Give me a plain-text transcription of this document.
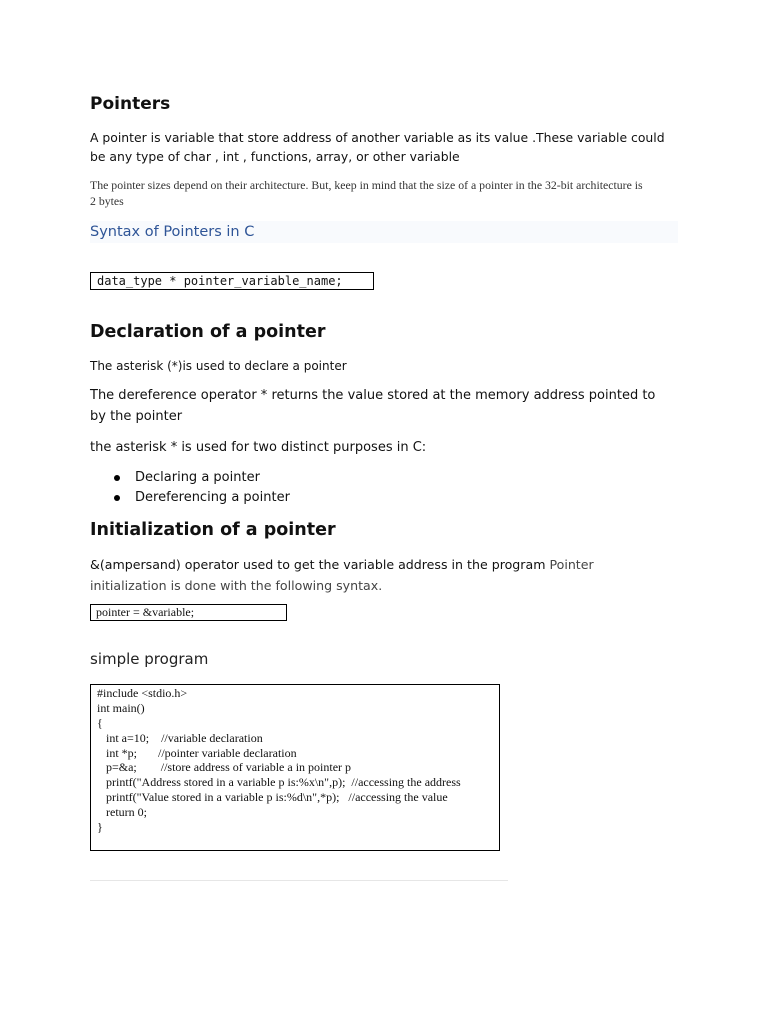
Pointers

A pointer is variable that store address of another variable as its value .These variable could be any type of char , int , functions, array, or other variable

The pointer sizes depend on their architecture. But, keep in mind that the size of a pointer in the 32-bit architecture is 2 bytes

Syntax of Pointers in C
data_type * pointer_variable_name;
Declaration of a pointer

The asterisk (*)is used to declare a pointer

The dereference operator * returns the value stored at the memory address pointed to by the pointer

the asterisk * is used for two distinct purposes in C:

Declaring a pointer
Dereferencing a pointer
Initialization of a pointer

&(ampersand) operator used to get the variable address in the program Pointer initialization is done with the following syntax.

pointer = &variable;
simple program
#include <stdio.h>
int main()
{
int a=10;    //variable declaration
int *p;       //pointer variable declaration
p=&a;        //store address of variable a in pointer p
printf("Address stored in a variable p is:%x\n",p);  //accessing the address
printf("Value stored in a variable p is:%d\n",*p);   //accessing the value
return 0;
}
